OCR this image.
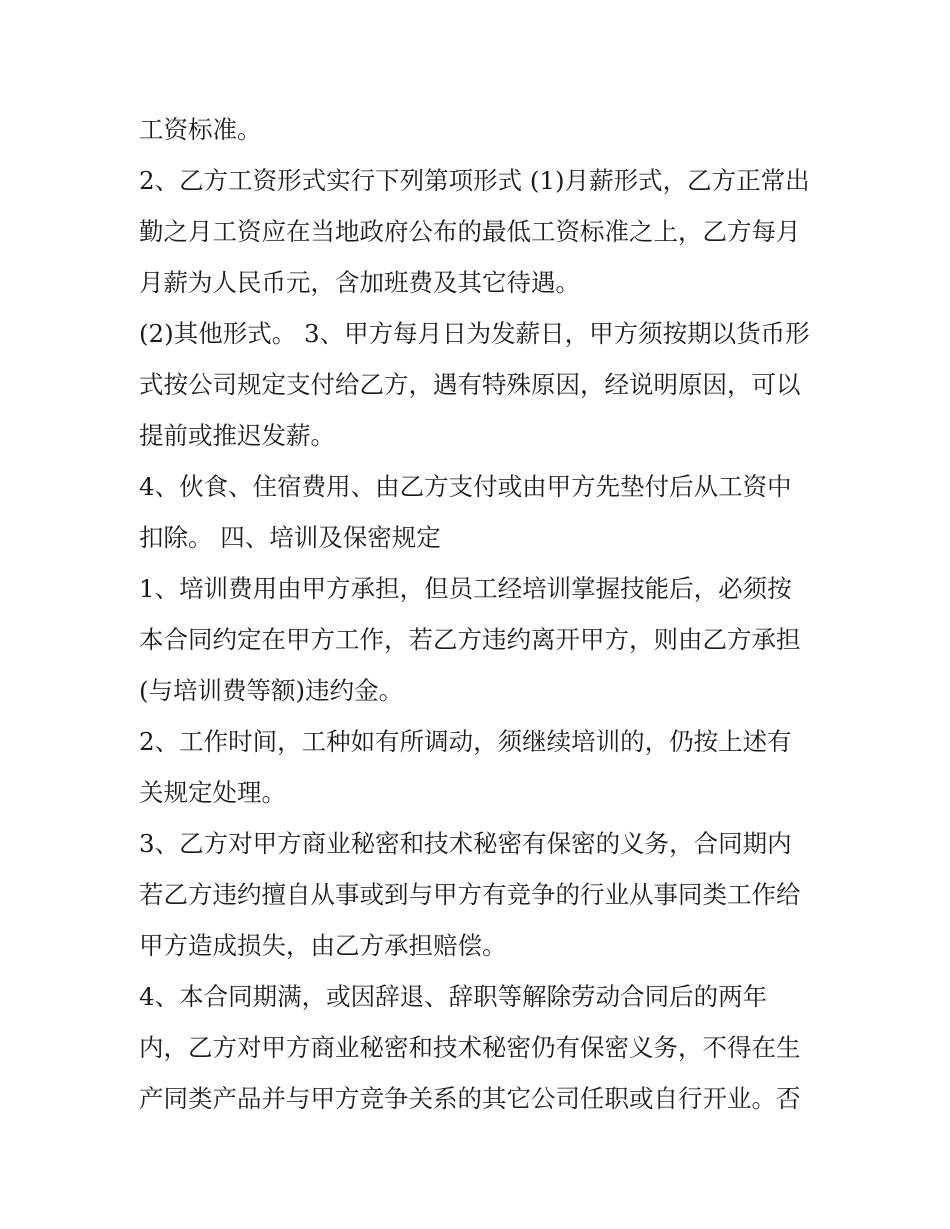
工资标准。
2、乙方工资形式实行下列第项形式 (1)月薪形式，乙方正常出
勤之月工资应在当地政府公布的最低工资标准之上，乙方每月
月薪为人民币元，含加班费及其它待遇。
(2)其他形式。 3、甲方每月日为发薪日，甲方须按期以货币形
式按公司规定支付给乙方，遇有特殊原因，经说明原因，可以
提前或推迟发薪。
4、伙食、住宿费用、由乙方支付或由甲方先垫付后从工资中
扣除。 四、培训及保密规定
1、培训费用由甲方承担，但员工经培训掌握技能后，必须按
本合同约定在甲方工作，若乙方违约离开甲方，则由乙方承担
(与培训费等额)违约金。
2、工作时间，工种如有所调动，须继续培训的，仍按上述有
关规定处理。
3、乙方对甲方商业秘密和技术秘密有保密的义务，合同期内
若乙方违约擅自从事或到与甲方有竞争的行业从事同类工作给
甲方造成损失，由乙方承担赔偿。
4、本合同期满，或因辞退、辞职等解除劳动合同后的两年
内，乙方对甲方商业秘密和技术秘密仍有保密义务，不得在生
产同类产品并与甲方竞争关系的其它公司任职或自行开业。否
